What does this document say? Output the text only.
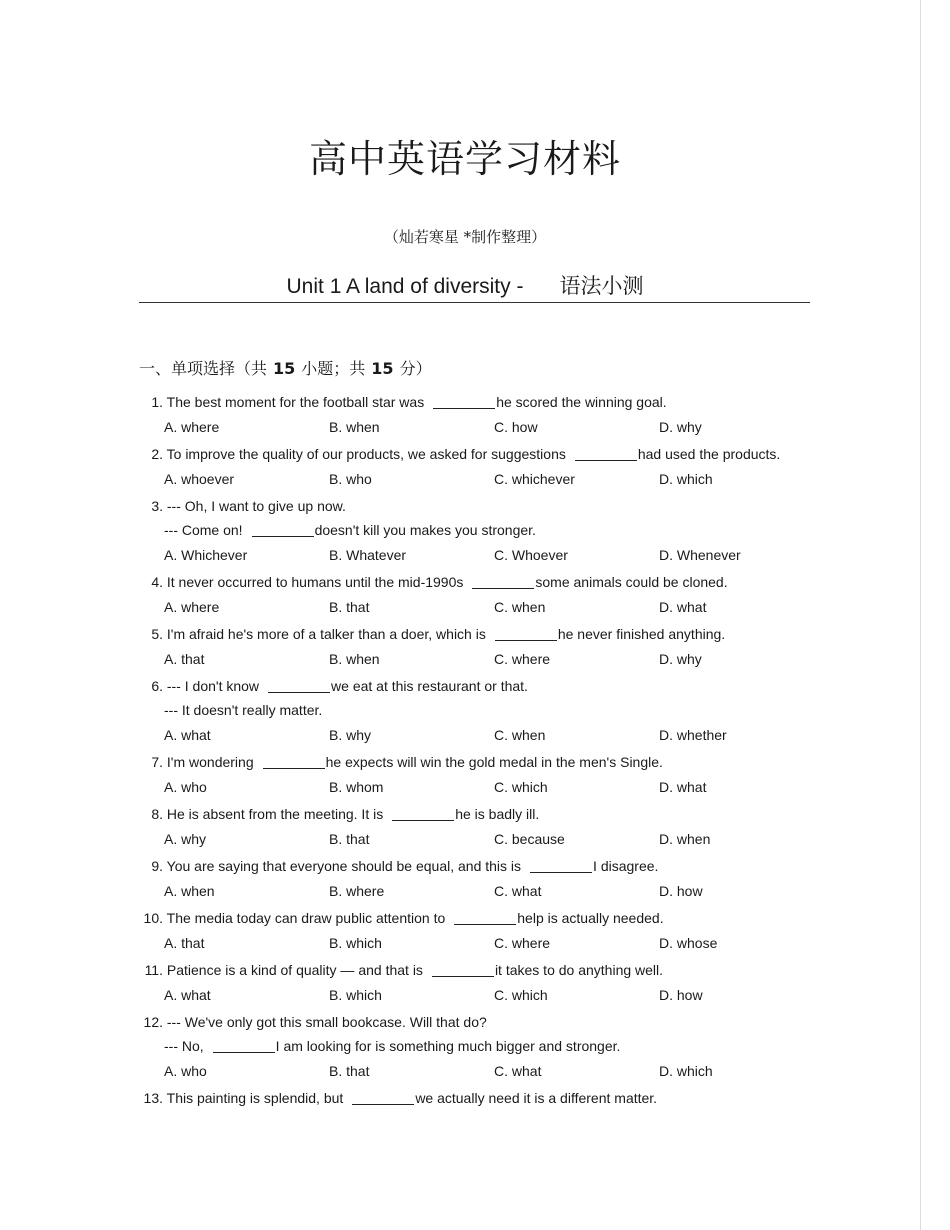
高中英语学习材料
（灿若寒星 *制作整理）
Unit 1 A land of diversity - 语法小测
一、单项选择（共 15 小题；共 15 分）
1. The best moment for the football star was	he scored the winning goal.
A. where	B. when	C. how	D. why
2. To improve the quality of our products, we asked for suggestions	had used the products.
A. whoever	B. who	C. whichever	D. which
3. --- Oh, I want to give up now.
--- Come on!	doesn't kill you makes you stronger.
A. Whichever	B. Whatever	C. Whoever	D. Whenever
4. It never occurred to humans until the mid-1990s	some animals could be cloned.
A. where	B. that	C. when	D. what
5. I'm afraid he's more of a talker than a doer, which is	he never finished anything.
A. that	B. when	C. where	D. why
6. --- I don't know	we eat at this restaurant or that.
--- It doesn't really matter.
A. what	B. why	C. when	D. whether
7. I'm wondering	he expects will win the gold medal in the men's Single.
A. who	B. whom	C. which	D. what
8. He is absent from the meeting. It is	he is badly ill.
A. why	B. that	C. because	D. when
9. You are saying that everyone should be equal, and this is	I disagree.
A. when	B. where	C. what	D. how
10. The media today can draw public attention to	help is actually needed.
A. that	B. which	C. where	D. whose
11. Patience is a kind of quality — and that is	it takes to do anything well.
A. what	B. which	C. which	D. how
12. --- We've only got this small bookcase. Will that do?
--- No,	I am looking for is something much bigger and stronger.
A. who	B. that	C. what	D. which
13. This painting is splendid, but	we actually need it is a different matter.
